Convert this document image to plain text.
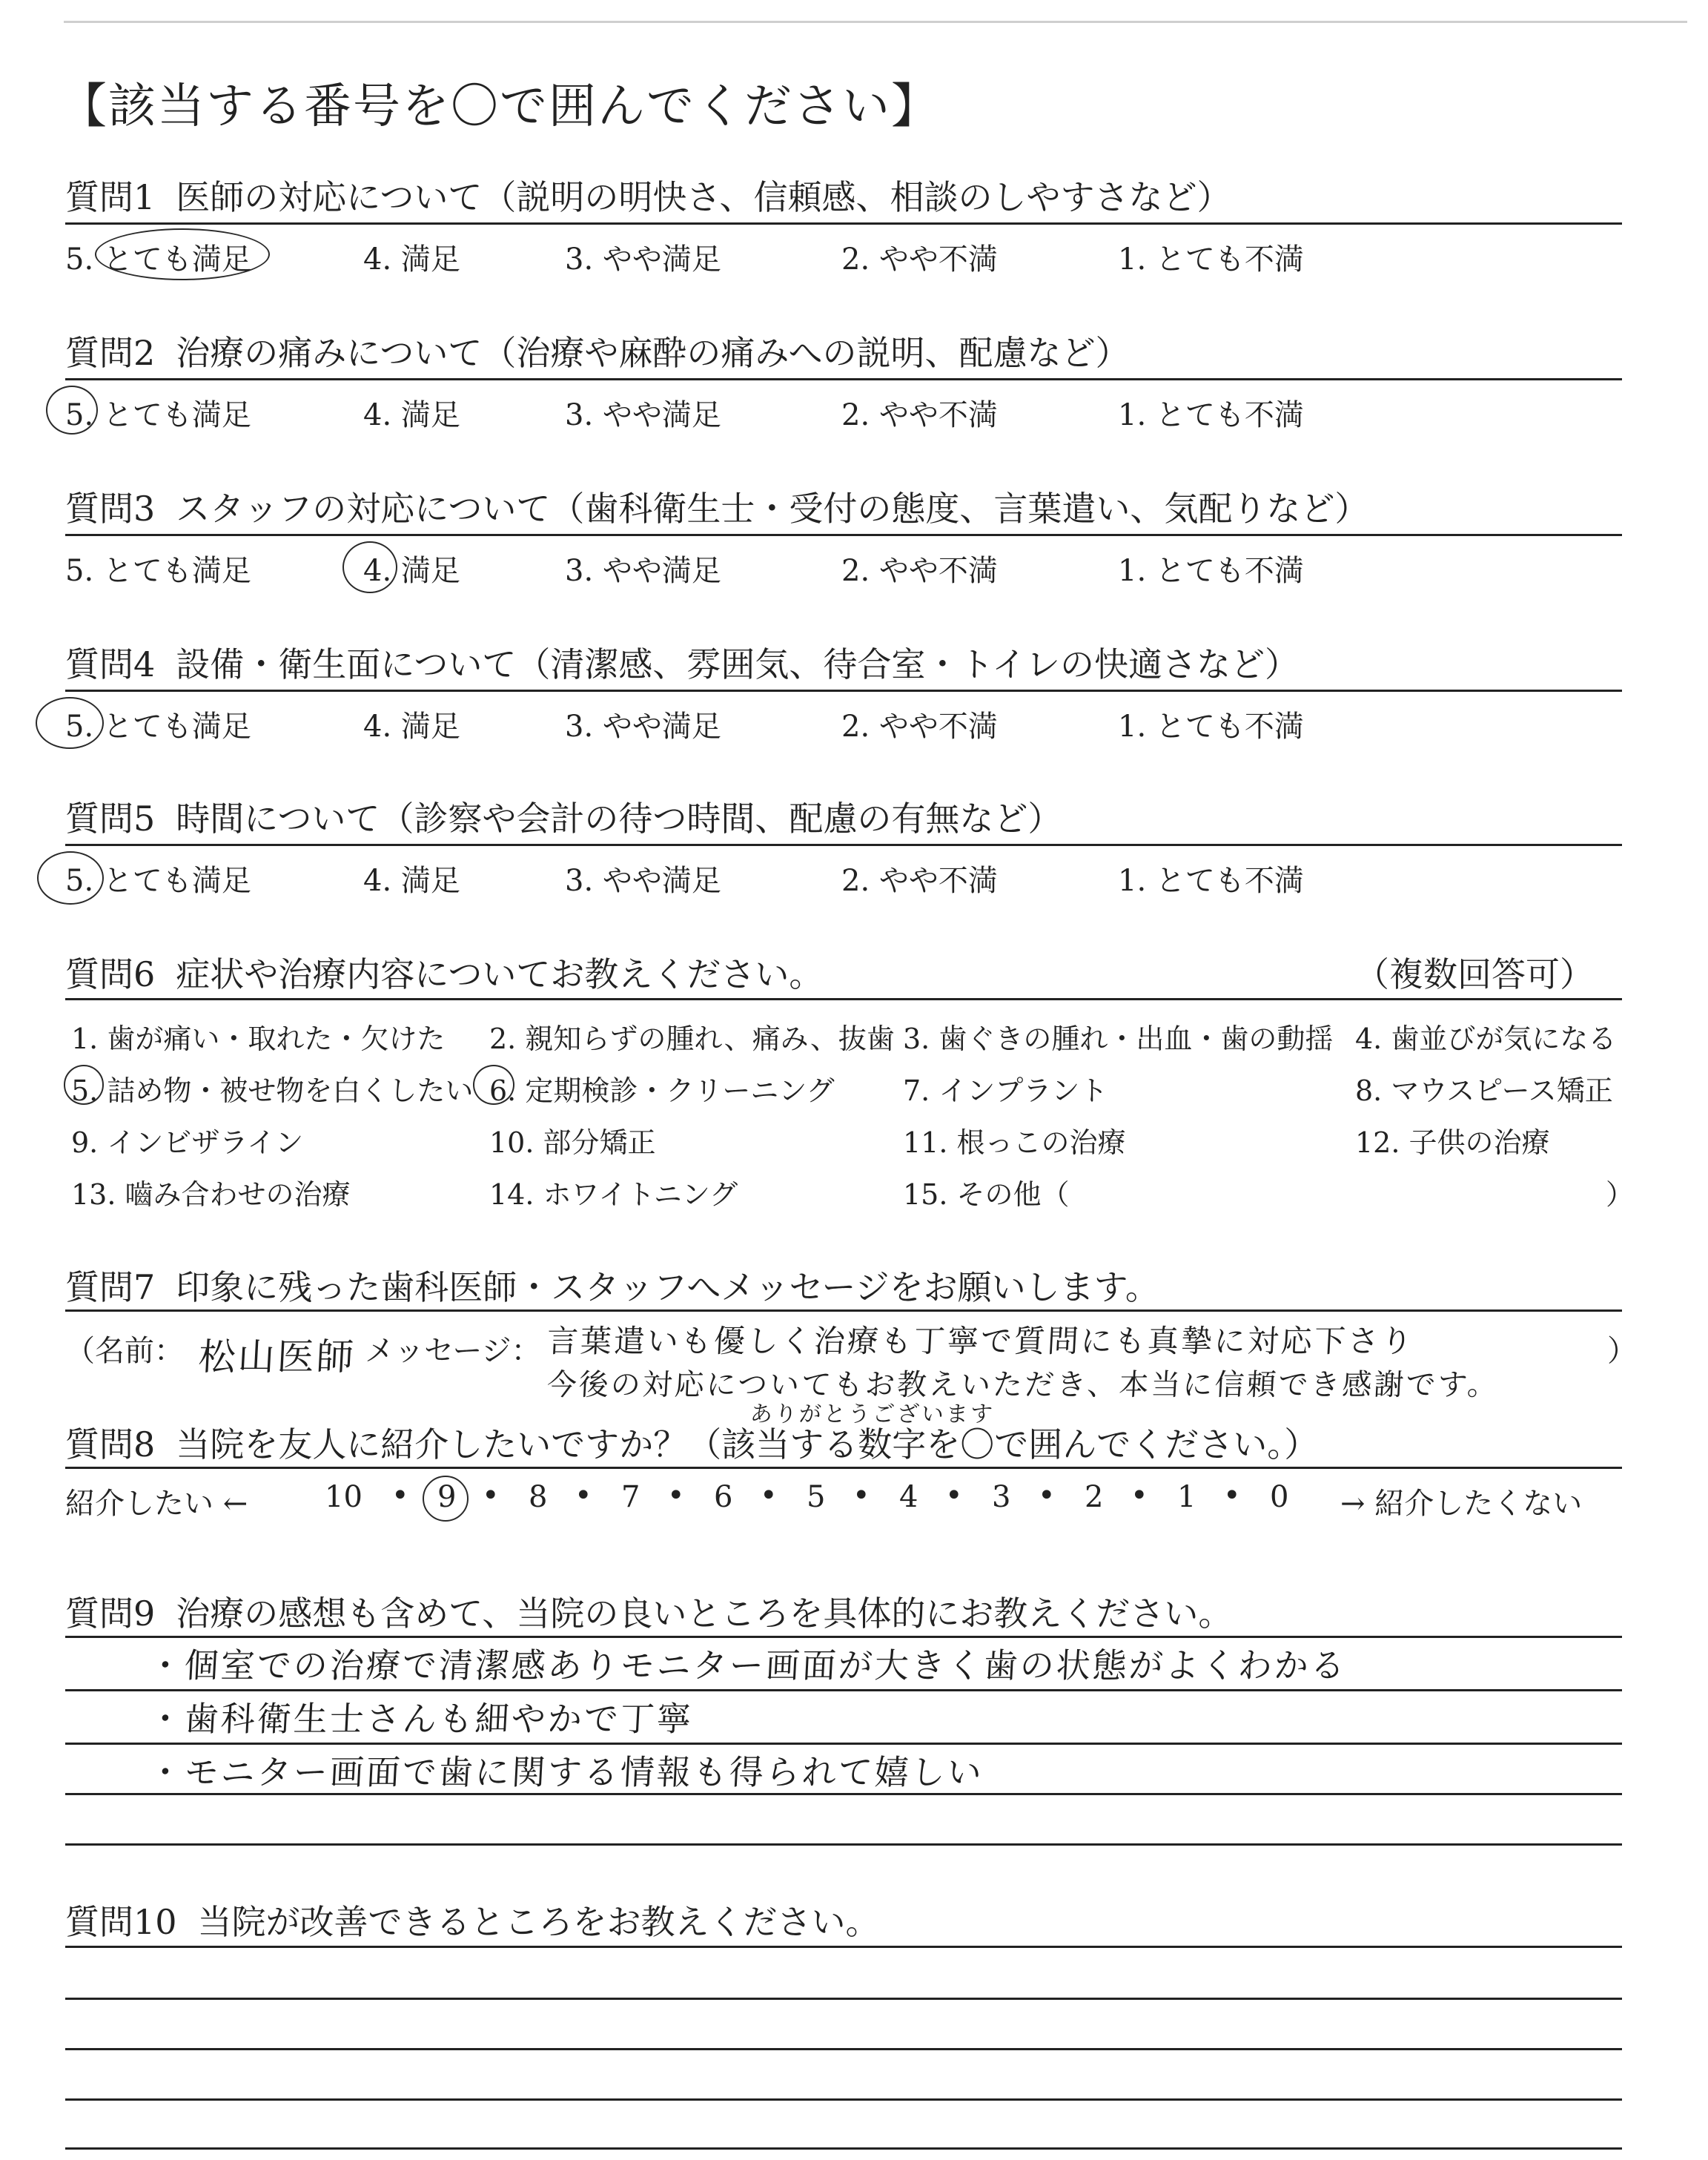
【該当する番号を〇で囲んでください】
質問1 医師の対応について（説明の明快さ、信頼感、相談のしやすさなど）
5. とても満足	4. 満足	3. やや満足	2. やや不満	1. とても不満
質問2 治療の痛みについて（治療や麻酔の痛みへの説明、配慮など）
5. とても満足	4. 満足	3. やや満足	2. やや不満	1. とても不満
質問3 スタッフの対応について（歯科衛生士・受付の態度、言葉遣い、気配りなど）
5. とても満足	4. 満足	3. やや満足	2. やや不満	1. とても不満
質問4 設備・衛生面について（清潔感、雰囲気、待合室・トイレの快適さなど）
5. とても満足	4. 満足	3. やや満足	2. やや不満	1. とても不満
質問5 時間について（診察や会計の待つ時間、配慮の有無など）
5. とても満足	4. 満足	3. やや満足	2. やや不満	1. とても不満
質問6 症状や治療内容についてお教えください。	（複数回答可）
1. 歯が痛い・取れた・欠けた 2. 親知らずの腫れ、痛み、抜歯 3. 歯ぐきの腫れ・出血・歯の動揺 4. 歯並びが気になる
5. 詰め物・被せ物を白くしたい 6. 定期検診・クリーニング 7. インプラント	8. マウスピース矯正
9. インビザライン	10. 部分矯正	11. 根っこの治療	12. 子供の治療
13. 嚙み合わせの治療	14. ホワイトニング	15. その他（	）
質問7 印象に残った歯科医師・スタッフへメッセージをお願いします。
（名前： 松山医師 メッセージ： 言葉遣いも優しく治療も丁寧で質問にも真摯に対応下さり	）
今後の対応についてもお教えいただき、本当に信頼でき感謝です。
ありがとうございます
質問8 当院を友人に紹介したいですか？（該当する数字を〇で囲んでください。）
紹介したい ←	→ 紹介したくない
10	9 8 7 6 5 4 3 2 1 0
• •	•	•	•	•	•	•	•	•
質問9 治療の感想も含めて、当院の良いところを具体的にお教えください。
・個室での治療で清潔感ありモニター画面が大きく歯の状態がよくわかる
・歯科衛生士さんも細やかで丁寧
・モニター画面で歯に関する情報も得られて嬉しい
質問10 当院が改善できるところをお教えください。
